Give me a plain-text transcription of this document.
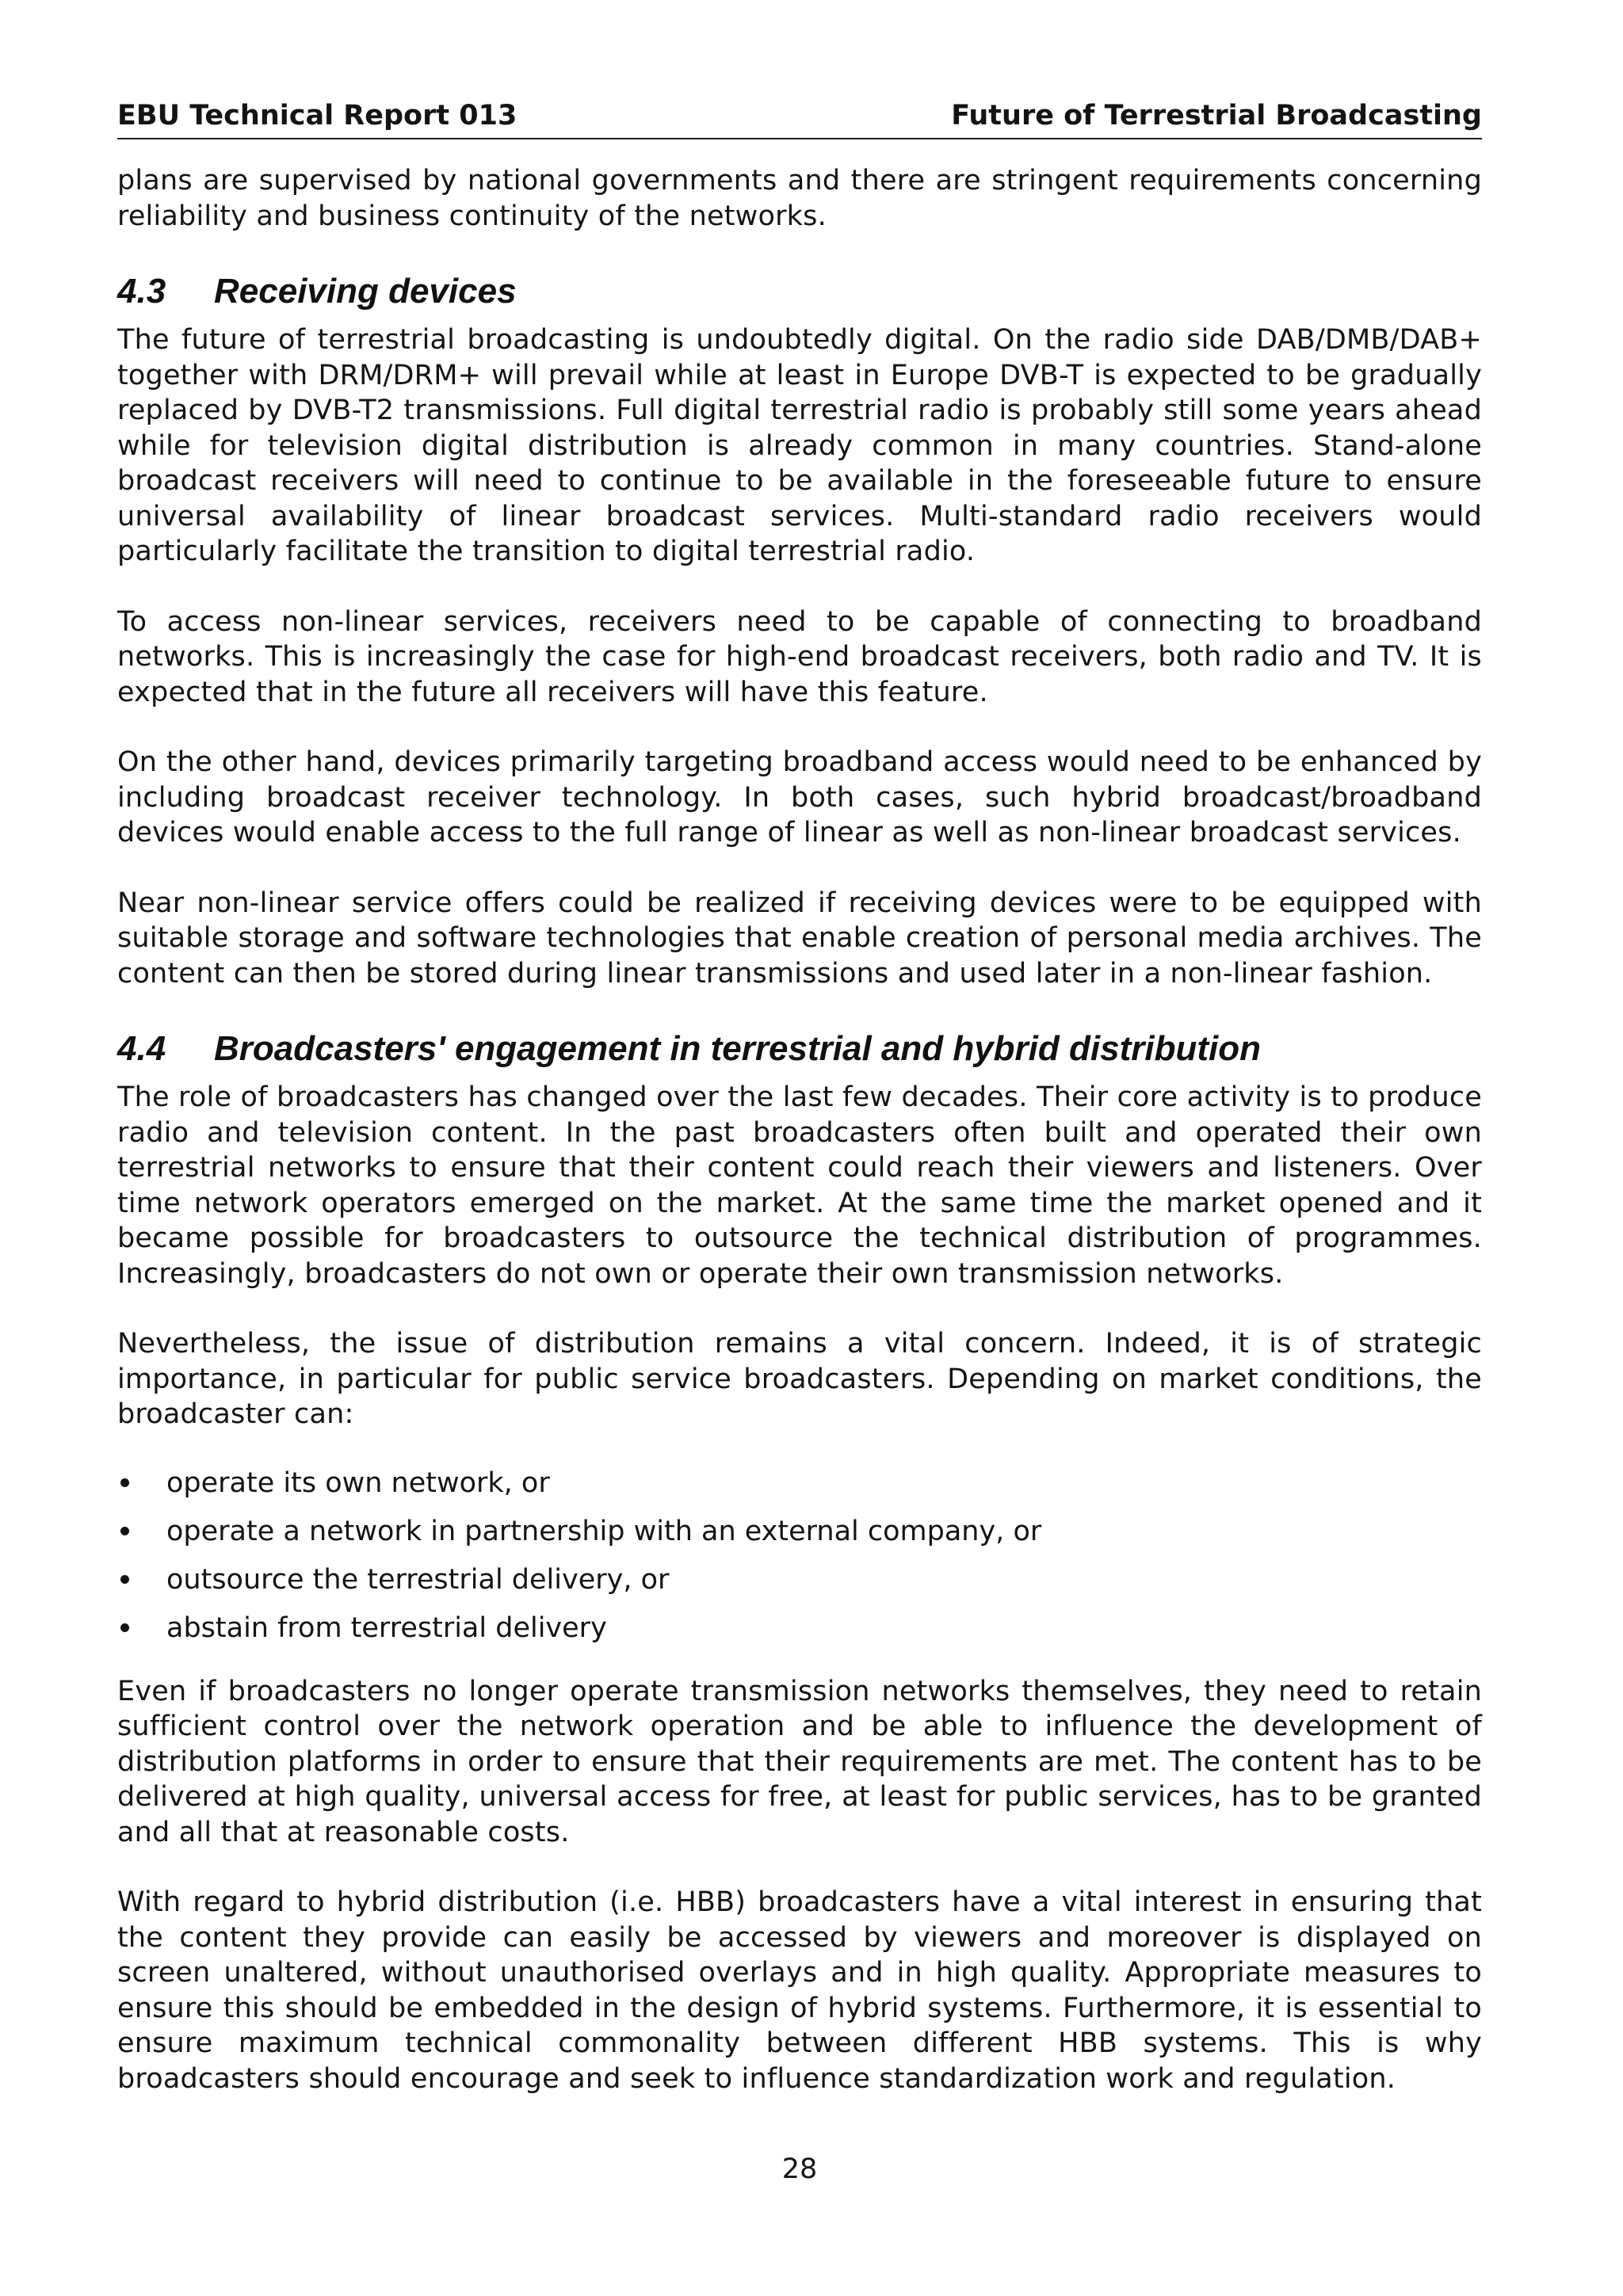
EBU Technical Report 013	Future of Terrestrial Broadcasting

plans are supervised by national governments and there are stringent requirements concerning reliability and business continuity of the networks.

4.3 Receiving devices

The future of terrestrial broadcasting is undoubtedly digital. On the radio side DAB/DMB/DAB+ together with DRM/DRM+ will prevail while at least in Europe DVB-T is expected to be gradually replaced by DVB-T2 transmissions. Full digital terrestrial radio is probably still some years ahead while for television digital distribution is already common in many countries. Stand-alone broadcast receivers will need to continue to be available in the foreseeable future to ensure universal availability of linear broadcast services. Multi-standard radio receivers would particularly facilitate the transition to digital terrestrial radio.

To access non-linear services, receivers need to be capable of connecting to broadband networks. This is increasingly the case for high-end broadcast receivers, both radio and TV. It is expected that in the future all receivers will have this feature.

On the other hand, devices primarily targeting broadband access would need to be enhanced by including broadcast receiver technology. In both cases, such hybrid broadcast/broadband devices would enable access to the full range of linear as well as non-linear broadcast services.

Near non-linear service offers could be realized if receiving devices were to be equipped with suitable storage and software technologies that enable creation of personal media archives. The content can then be stored during linear transmissions and used later in a non-linear fashion.

4.4 Broadcasters' engagement in terrestrial and hybrid distribution

The role of broadcasters has changed over the last few decades. Their core activity is to produce radio and television content. In the past broadcasters often built and operated their own terrestrial networks to ensure that their content could reach their viewers and listeners. Over time network operators emerged on the market. At the same time the market opened and it became possible for broadcasters to outsource the technical distribution of programmes. Increasingly, broadcasters do not own or operate their own transmission networks.

Nevertheless, the issue of distribution remains a vital concern. Indeed, it is of strategic importance, in particular for public service broadcasters. Depending on market conditions, the broadcaster can:

operate its own network, or
operate a network in partnership with an external company, or
outsource the terrestrial delivery, or
abstain from terrestrial delivery

Even if broadcasters no longer operate transmission networks themselves, they need to retain sufficient control over the network operation and be able to influence the development of distribution platforms in order to ensure that their requirements are met. The content has to be delivered at high quality, universal access for free, at least for public services, has to be granted and all that at reasonable costs.

With regard to hybrid distribution (i.e. HBB) broadcasters have a vital interest in ensuring that the content they provide can easily be accessed by viewers and moreover is displayed on screen unaltered, without unauthorised overlays and in high quality. Appropriate measures to ensure this should be embedded in the design of hybrid systems. Furthermore, it is essential to ensure maximum technical commonality between different HBB systems. This is why broadcasters should encourage and seek to influence standardization work and regulation.

28
